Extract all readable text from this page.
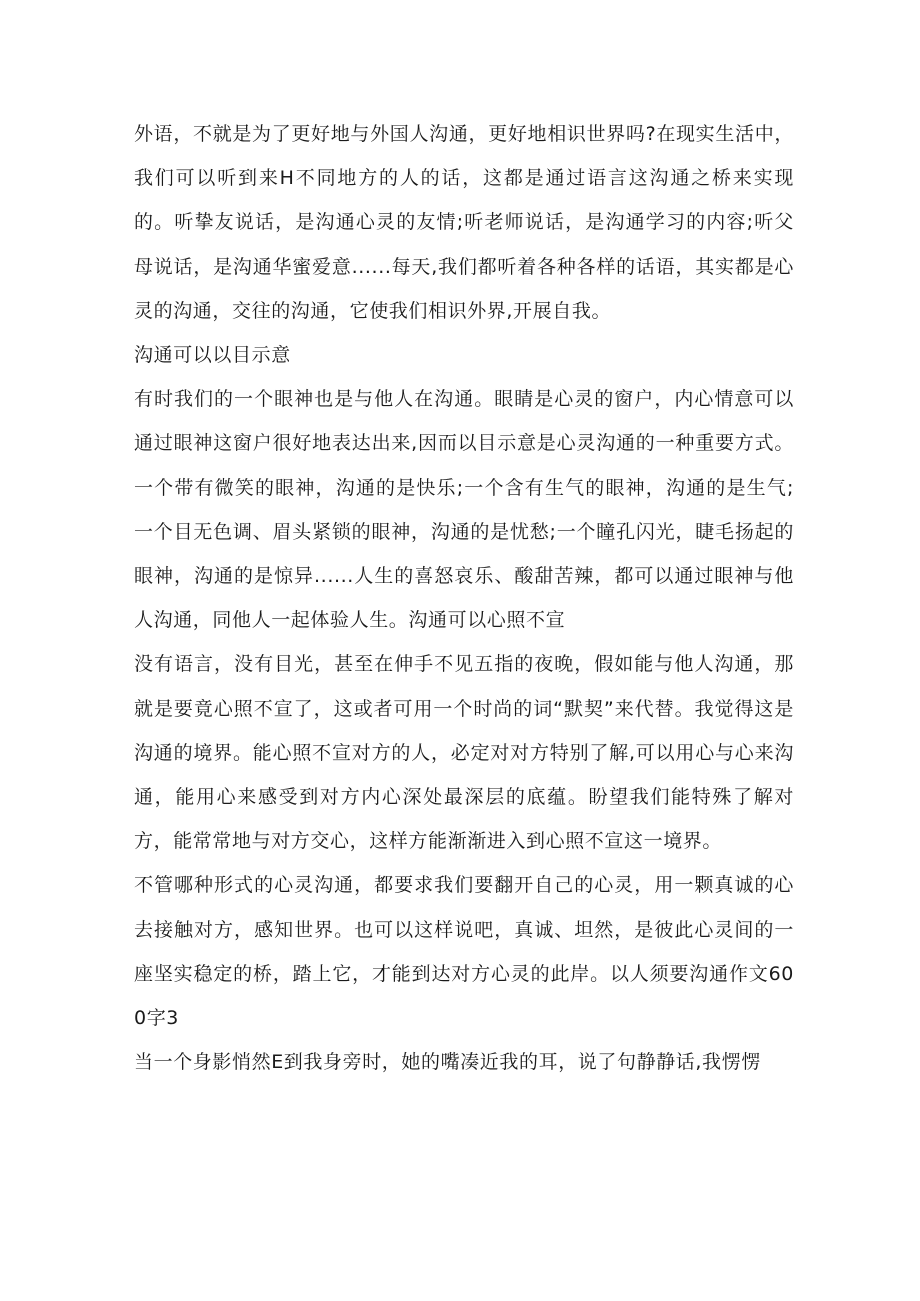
外语，不就是为了更好地与外国人沟通，更好地相识世界吗?在现实生活中，我们可以听到来H不同地方的人的话，这都是通过语言这沟通之桥来实现的。听挚友说话，是沟通心灵的友情;听老师说话，是沟通学习的内容;听父母说话，是沟通华蜜爱意......每天,我们都听着各种各样的话语，其实都是心灵的沟通，交往的沟通，它使我们相识外界,开展自我。

沟通可以以目示意

有时我们的一个眼神也是与他人在沟通。眼睛是心灵的窗户，内心情意可以通过眼神这窗户很好地表达出来,因而以目示意是心灵沟通的一种重要方式。一个带有微笑的眼神，沟通的是快乐;一个含有生气的眼神，沟通的是生气;一个目无色调、眉头紧锁的眼神，沟通的是忧愁;一个瞳孔闪光，睫毛扬起的眼神，沟通的是惊异......人生的喜怒哀乐、酸甜苦辣，都可以通过眼神与他人沟通，同他人一起体验人生。沟通可以心照不宣

没有语言，没有目光，甚至在伸手不见五指的夜晚，假如能与他人沟通，那就是要竟心照不宣了，这或者可用一个时尚的词“默契”来代替。我觉得这是沟通的境界。能心照不宣对方的人，必定对对方特别了解,可以用心与心来沟通，能用心来感受到对方内心深处最深层的底蕴。盼望我们能特殊了解对方，能常常地与对方交心，这样方能渐渐进入到心照不宣这一境界。

不管哪种形式的心灵沟通，都要求我们要翻开自己的心灵，用一颗真诚的心去接触对方，感知世界。也可以这样说吧，真诚、坦然，是彼此心灵间的一座坚实稳定的桥，踏上它，才能到达对方心灵的此岸。以人须要沟通作文600字3

当一个身影悄然E到我身旁时，她的嘴凑近我的耳，说了句静静话,我愣愣
